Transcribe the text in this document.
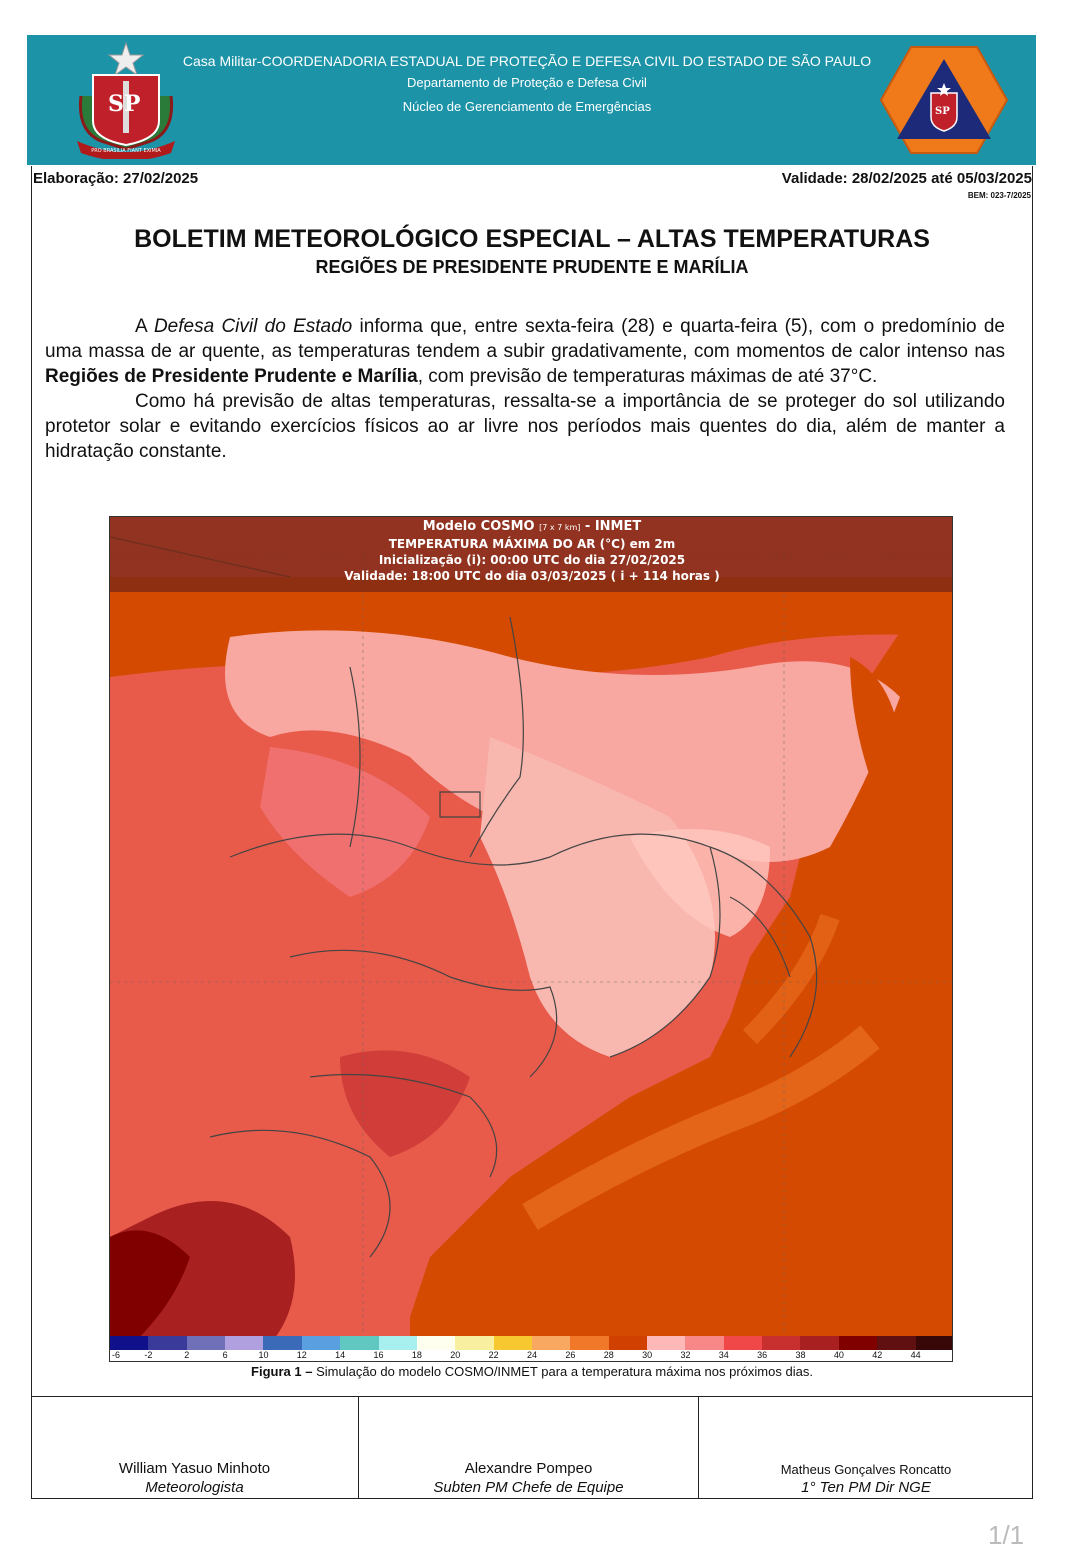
SP
PRO BRASILIA FIANT EXIMIA
Casa Militar-COORDENADORIA ESTADUAL DE PROTEÇÃO E DEFESA CIVIL DO ESTADO DE SÃO PAULO
Departamento de Proteção e Defesa Civil
Núcleo de Gerenciamento de Emergências	SP
Elaboração: 27/02/2025	Validade: 28/02/2025 até 05/03/2025
BEM: 023-7/2025
BOLETIM METEOROLÓGICO ESPECIAL – ALTAS TEMPERATURAS
REGIÕES DE PRESIDENTE PRUDENTE E MARÍLIA

A Defesa Civil do Estado informa que, entre sexta-feira (28) e quarta-feira (5), com o predomínio de uma massa de ar quente, as temperaturas tendem a subir gradativamente, com momentos de calor intenso nas Regiões de Presidente Prudente e Marília, com previsão de temperaturas máximas de até 37°C.

Como há previsão de altas temperaturas, ressalta-se a importância de se proteger do sol utilizando protetor solar e evitando exercícios físicos ao ar livre nos períodos mais quentes do dia, além de manter a hidratação constante.

Modelo COSMO [7 x 7 km] - INMET
TEMPERATURA MÁXIMA DO AR (°C) em 2m
Inicialização (i): 00:00 UTC do dia 27/02/2025
Validade: 18:00 UTC do dia 03/03/2025 ( i + 114 horas )
-6	-2	2	6	10	12	14	16	18	20	22	24	26	28	30	32	34	36	38	40	42	44
Figura 1 – Simulação do modelo COSMO/INMET para a temperatura máxima nos próximos dias.
William Yasuo Minhoto
Meteorologista
Alexandre Pompeo
Subten PM Chefe de Equipe
Matheus Gonçalves Roncatto
1° Ten PM Dir NGE
1/1
